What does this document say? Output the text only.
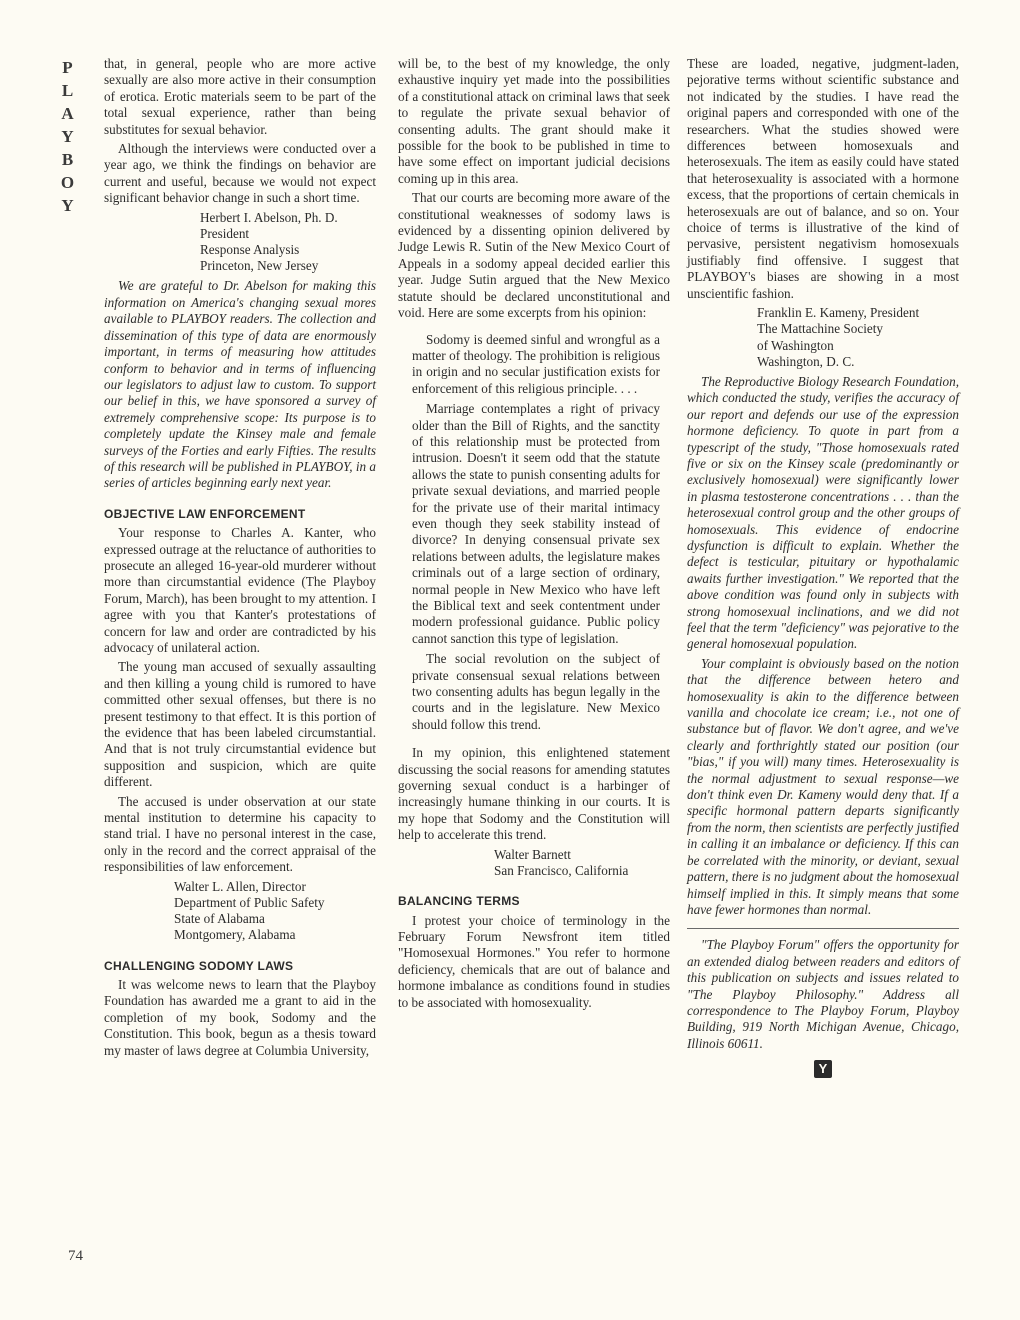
P
L
A
Y
B
O
Y
74

that, in general, people who are more active sexually are also more active in their consumption of erotica. Erotic materials seem to be part of the total sexual experience, rather than being substitutes for sexual behavior.

Although the interviews were conducted over a year ago, we think the findings on behavior are current and useful, because we would not expect significant behavior change in such a short time.

Herbert I. Abelson, Ph. D.
President
Response Analysis
Princeton, New Jersey

We are grateful to Dr. Abelson for making this information on America's changing sexual mores available to PLAYBOY readers. The collection and dissemination of this type of data are enormously important, in terms of measuring how attitudes conform to behavior and in terms of influencing our legislators to adjust law to custom. To support our belief in this, we have sponsored a survey of extremely comprehensive scope: Its purpose is to completely update the Kinsey male and female surveys of the Forties and early Fifties. The results of this research will be published in PLAYBOY, in a series of articles beginning early next year.

OBJECTIVE LAW ENFORCEMENT

Your response to Charles A. Kanter, who expressed outrage at the reluctance of authorities to prosecute an alleged 16-year-old murderer without more than circumstantial evidence (The Playboy Forum, March), has been brought to my attention. I agree with you that Kanter's protestations of concern for law and order are contradicted by his advocacy of unilateral action.

The young man accused of sexually assaulting and then killing a young child is rumored to have committed other sexual offenses, but there is no present testimony to that effect. It is this portion of the evidence that has been labeled circumstantial. And that is not truly circumstantial evidence but supposition and suspicion, which are quite different.

The accused is under observation at our state mental institution to determine his capacity to stand trial. I have no personal interest in the case, only in the record and the correct appraisal of the responsibilities of law enforcement.

Walter L. Allen, Director
Department of Public Safety
State of Alabama
Montgomery, Alabama
CHALLENGING SODOMY LAWS

It was welcome news to learn that the Playboy Foundation has awarded me a grant to aid in the completion of my book, Sodomy and the Constitution. This book, begun as a thesis toward my master of laws degree at Columbia University,

will be, to the best of my knowledge, the only exhaustive inquiry yet made into the possibilities of a constitutional attack on criminal laws that seek to regulate the private sexual behavior of consenting adults. The grant should make it possible for the book to be published in time to have some effect on important judicial decisions coming up in this area.

That our courts are becoming more aware of the constitutional weaknesses of sodomy laws is evidenced by a dissenting opinion delivered by Judge Lewis R. Sutin of the New Mexico Court of Appeals in a sodomy appeal decided earlier this year. Judge Sutin argued that the New Mexico statute should be declared unconstitutional and void. Here are some excerpts from his opinion:

Sodomy is deemed sinful and wrongful as a matter of theology. The prohibition is religious in origin and no secular justification exists for enforcement of this religious principle. . . .

Marriage contemplates a right of privacy older than the Bill of Rights, and the sanctity of this relationship must be protected from intrusion. Doesn't it seem odd that the statute allows the state to punish consenting adults for private sexual deviations, and married people for the private use of their marital intimacy even though they seek stability instead of divorce? In denying consensual private sex relations between adults, the legislature makes criminals out of a large section of ordinary, normal people in New Mexico who have left the Biblical text and seek contentment under modern professional guidance. Public policy cannot sanction this type of legislation.

The social revolution on the subject of private consensual sexual relations between two consenting adults has begun legally in the courts and in the legislature. New Mexico should follow this trend.

In my opinion, this enlightened statement discussing the social reasons for amending statutes governing sexual conduct is a harbinger of increasingly humane thinking in our courts. It is my hope that Sodomy and the Constitution will help to accelerate this trend.

Walter Barnett
San Francisco, California
BALANCING TERMS

I protest your choice of terminology in the February Forum Newsfront item titled "Homosexual Hormones." You refer to hormone deficiency, chemicals that are out of balance and hormone imbalance as conditions found in studies to be associated with homosexuality.

These are loaded, negative, judgment-laden, pejorative terms without scientific substance and not indicated by the studies. I have read the original papers and corresponded with one of the researchers. What the studies showed were differences between homosexuals and heterosexuals. The item as easily could have stated that heterosexuality is associated with a hormone excess, that the proportions of certain chemicals in heterosexuals are out of balance, and so on. Your choice of terms is illustrative of the kind of pervasive, persistent negativism homosexuals justifiably find offensive. I suggest that PLAYBOY's biases are showing in a most unscientific fashion.

Franklin E. Kameny, President
The Mattachine Society
of Washington
Washington, D. C.

The Reproductive Biology Research Foundation, which conducted the study, verifies the accuracy of our report and defends our use of the expression hormone deficiency. To quote in part from a typescript of the study, "Those homosexuals rated five or six on the Kinsey scale (predominantly or exclusively homosexual) were significantly lower in plasma testosterone concentrations . . . than the heterosexual control group and the other groups of homosexuals. This evidence of endocrine dysfunction is difficult to explain. Whether the defect is testicular, pituitary or hypothalamic awaits further investigation." We reported that the above condition was found only in subjects with strong homosexual inclinations, and we did not feel that the term "deficiency" was pejorative to the general homosexual population.

Your complaint is obviously based on the notion that the difference between hetero and homosexuality is akin to the difference between vanilla and chocolate ice cream; i.e., not one of substance but of flavor. We don't agree, and we've clearly and forthrightly stated our position (our "bias," if you will) many times. Heterosexuality is the normal adjustment to sexual response—we don't think even Dr. Kameny would deny that. If a specific hormonal pattern departs significantly from the norm, then scientists are perfectly justified in calling it an imbalance or deficiency. If this can be correlated with the minority, or deviant, sexual pattern, there is no judgment about the homosexual himself implied in this. It simply means that some have fewer hormones than normal.

"The Playboy Forum" offers the opportunity for an extended dialog between readers and editors of this publication on subjects and issues related to "The Playboy Philosophy." Address all correspondence to The Playboy Forum, Playboy Building, 919 North Michigan Avenue, Chicago, Illinois 60611.

Y
